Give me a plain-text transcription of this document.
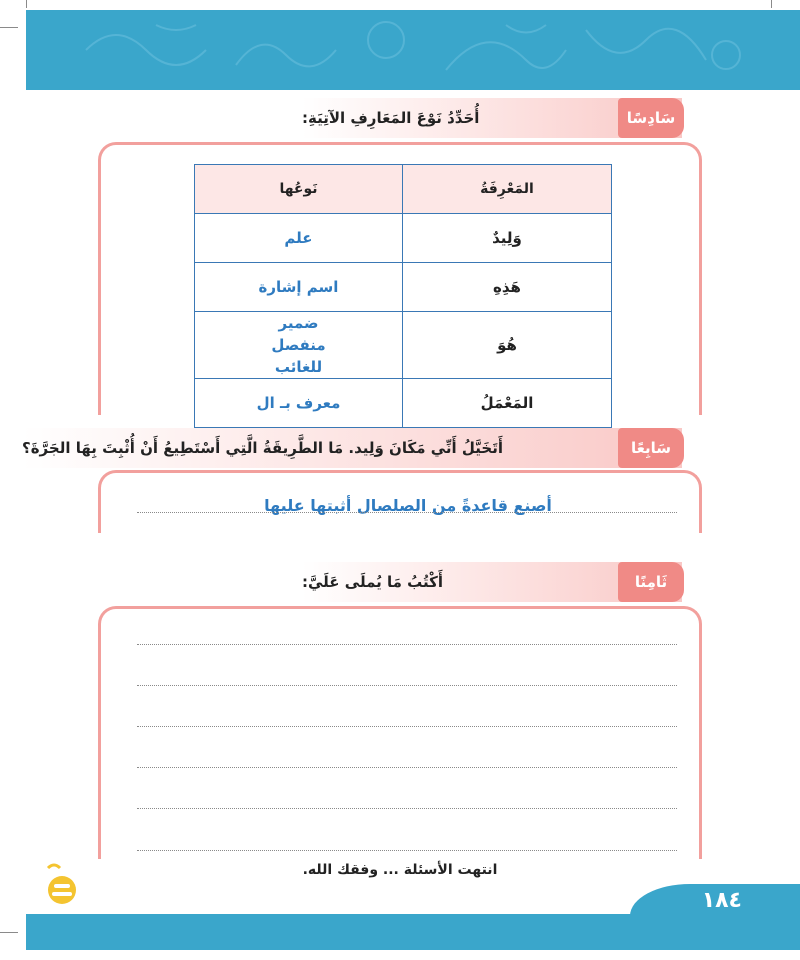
أُحَدِّدُ نَوْعَ المَعَارِفِ الآتِيَةِ:	سَادِسًا
المَعْرِفَةُ	نَوعُها
وَلِيدٌ	علم
هَذِهِ	اسم إشارة
هُوَ	ضمير منفصل للغائب
المَعْمَلُ	معرف بـ ال
أَتَخَيَّلُ أَنِّي مَكَانَ وَلِيد. مَا الطَّرِيقَةُ الَّتِي أَسْتَطِيعُ أَنْ أُثْبِتَ بِهَا الجَرَّةَ؟	سَابِعًا
أصنع قاعدةً من الصلصال أثبتها عليها
أَكْتُبُ مَا يُملَى عَلَيَّ:	ثَامِنًا
انتهت الأسئلة ... وفقك الله.
١٨٤
